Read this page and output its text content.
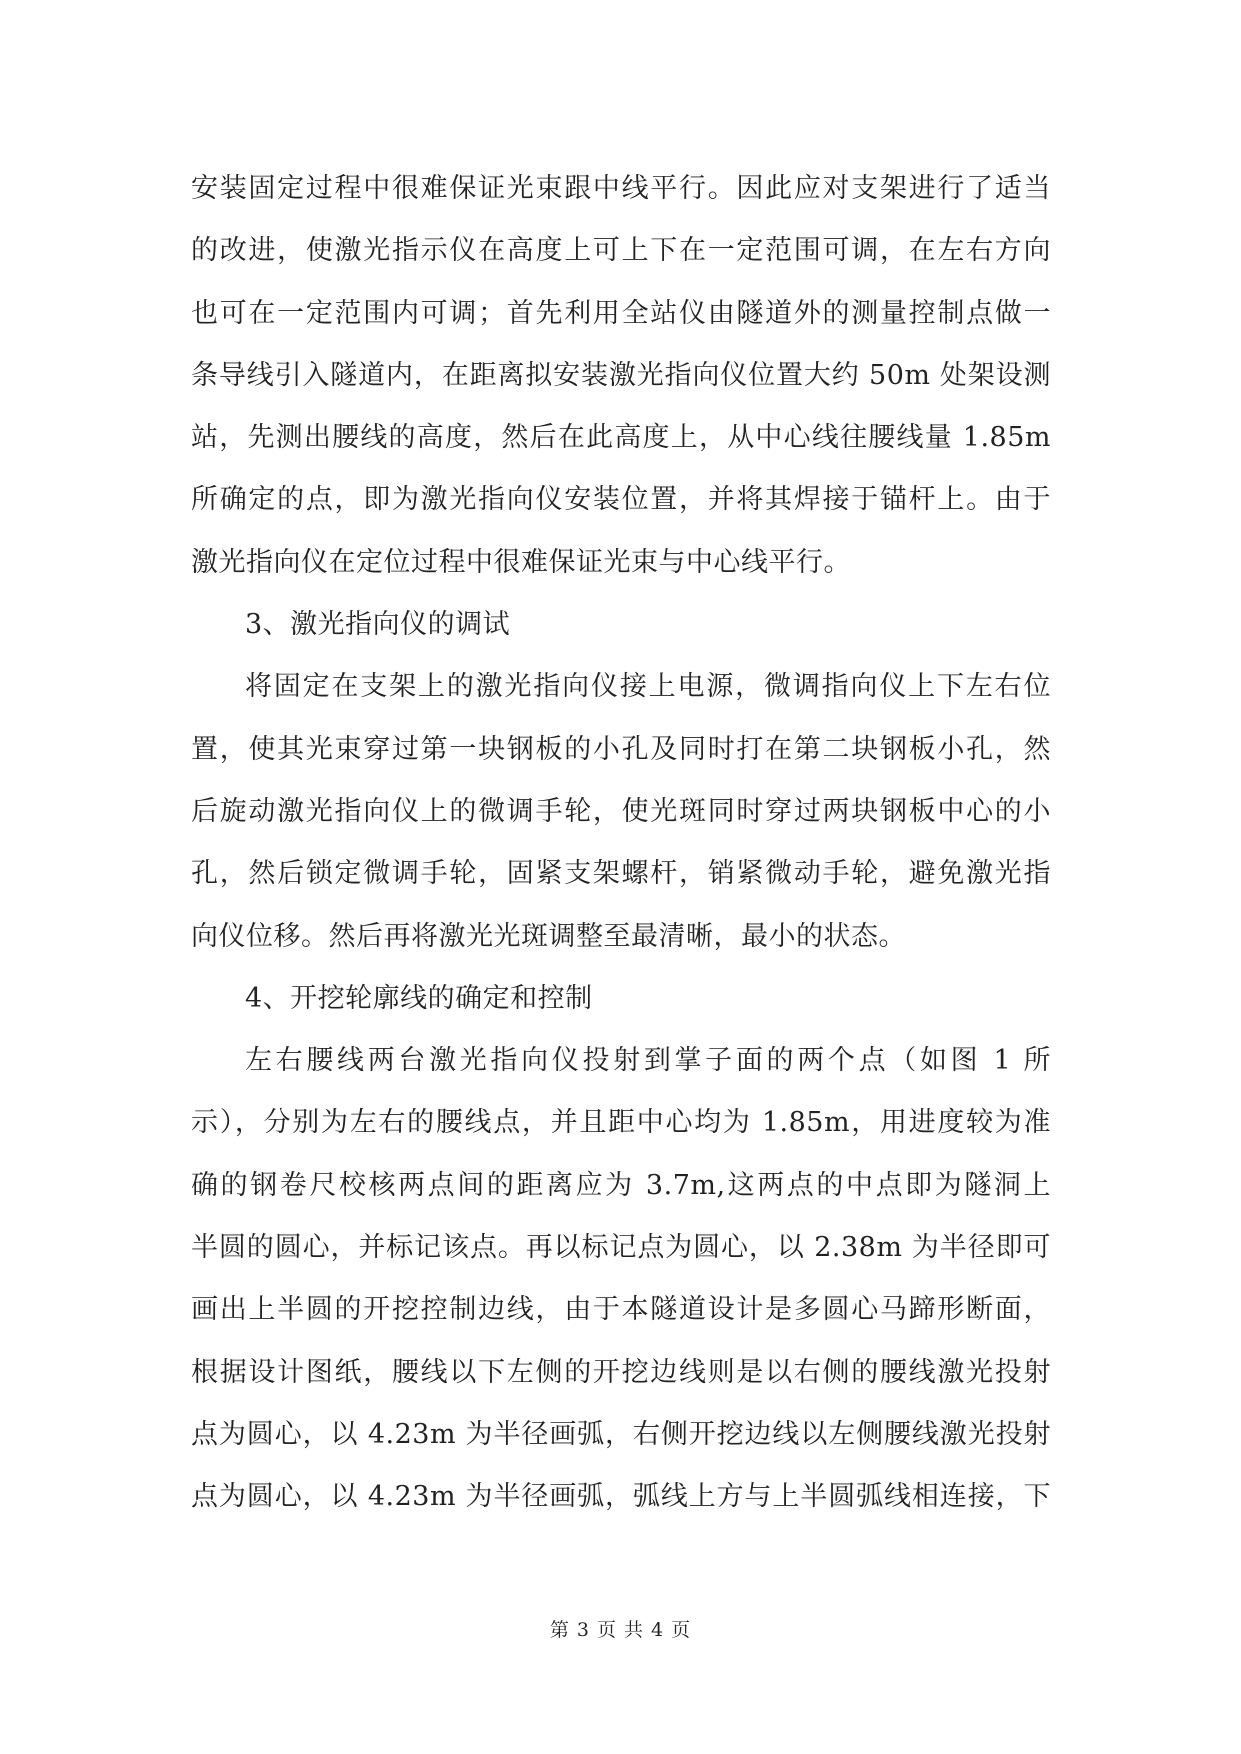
安装固定过程中很难保证光束跟中线平行。因此应对支架进行了适当
的改进，使激光指示仪在高度上可上下在一定范围可调，在左右方向
也可在一定范围内可调；首先利用全站仪由隧道外的测量控制点做一
条导线引入隧道内，在距离拟安装激光指向仪位置大约 50m 处架设测
站，先测出腰线的高度，然后在此高度上，从中心线往腰线量 1.85m
所确定的点，即为激光指向仪安装位置，并将其焊接于锚杆上。由于
激光指向仪在定位过程中很难保证光束与中心线平行。
3、激光指向仪的调试
将固定在支架上的激光指向仪接上电源，微调指向仪上下左右位
置，使其光束穿过第一块钢板的小孔及同时打在第二块钢板小孔，然
后旋动激光指向仪上的微调手轮，使光斑同时穿过两块钢板中心的小
孔，然后锁定微调手轮，固紧支架螺杆，销紧微动手轮，避免激光指
向仪位移。然后再将激光光斑调整至最清晰，最小的状态。
4、开挖轮廓线的确定和控制
左右腰线两台激光指向仪投射到掌子面的两个点（如图 1 所
示），分别为左右的腰线点，并且距中心均为 1.85m，用进度较为准
确的钢卷尺校核两点间的距离应为 3.7m,这两点的中点即为隧洞上
半圆的圆心，并标记该点。再以标记点为圆心，以 2.38m 为半径即可
画出上半圆的开挖控制边线，由于本隧道设计是多圆心马蹄形断面，
根据设计图纸，腰线以下左侧的开挖边线则是以右侧的腰线激光投射
点为圆心，以 4.23m 为半径画弧，右侧开挖边线以左侧腰线激光投射
点为圆心，以 4.23m 为半径画弧，弧线上方与上半圆弧线相连接，下
第 3 页 共 4 页
